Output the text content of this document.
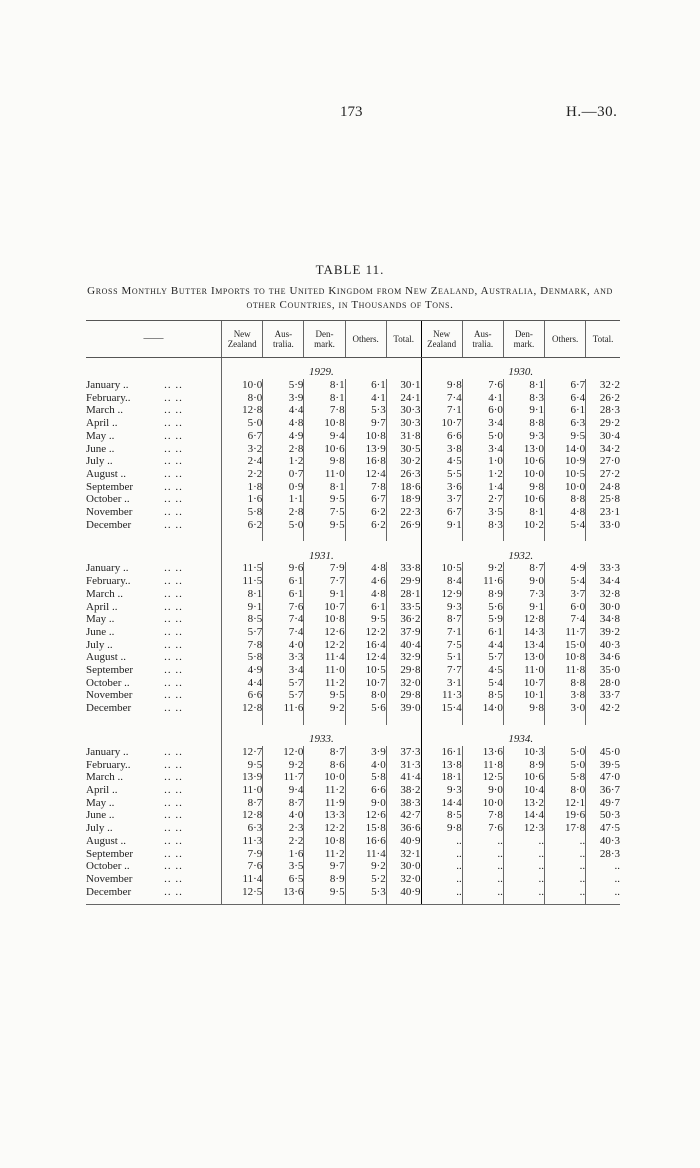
173	H.—30.
TABLE 11.
Gross Monthly Butter Imports to the United Kingdom from New Zealand, Australia, Denmark, and other Countries, in Thousands of Tons.
——		New Zealand	Aus- tralia.	Den- mark.	Others.	Total.	New Zealand	Aus- tralia.	Den- mark.	Others.	Total.
		1929.					1930.				
January ..	.. ..	10·0	5·9	8·1	6·1	30·1	9·8	7·6	8·1	6·7	32·2
February..	.. ..	8·0	3·9	8·1	4·1	24·1	7·4	4·1	8·3	6·4	26·2
March ..	.. ..	12·8	4·4	7·8	5·3	30·3	7·1	6·0	9·1	6·1	28·3
April ..	.. ..	5·0	4·8	10·8	9·7	30·3	10·7	3·4	8·8	6·3	29·2
May ..	.. ..	6·7	4·9	9·4	10·8	31·8	6·6	5·0	9·3	9·5	30·4
June ..	.. ..	3·2	2·8	10·6	13·9	30·5	3·8	3·4	13·0	14·0	34·2
July ..	.. ..	2·4	1·2	9·8	16·8	30·2	4·5	1·0	10·6	10·9	27·0
August ..	.. ..	2·2	0·7	11·0	12·4	26·3	5·5	1·2	10·0	10·5	27·2
September	.. ..	1·8	0·9	8·1	7·8	18·6	3·6	1·4	9·8	10·0	24·8
October ..	.. ..	1·6	1·1	9·5	6·7	18·9	3·7	2·7	10·6	8·8	25·8
November	.. ..	5·8	2·8	7·5	6·2	22·3	6·7	3·5	8·1	4·8	23·1
December	.. ..	6·2	5·0	9·5	6·2	26·9	9·1	8·3	10·2	5·4	33·0

		1931.					1932.				
January ..	.. ..	11·5	9·6	7·9	4·8	33·8	10·5	9·2	8·7	4·9	33·3
February..	.. ..	11·5	6·1	7·7	4·6	29·9	8·4	11·6	9·0	5·4	34·4
March ..	.. ..	8·1	6·1	9·1	4·8	28·1	12·9	8·9	7·3	3·7	32·8
April ..	.. ..	9·1	7·6	10·7	6·1	33·5	9·3	5·6	9·1	6·0	30·0
May ..	.. ..	8·5	7·4	10·8	9·5	36·2	8·7	5·9	12·8	7·4	34·8
June ..	.. ..	5·7	7·4	12·6	12·2	37·9	7·1	6·1	14·3	11·7	39·2
July ..	.. ..	7·8	4·0	12·2	16·4	40·4	7·5	4·4	13·4	15·0	40·3
August ..	.. ..	5·8	3·3	11·4	12·4	32·9	5·1	5·7	13·0	10·8	34·6
September	.. ..	4·9	3·4	11·0	10·5	29·8	7·7	4·5	11·0	11·8	35·0
October ..	.. ..	4·4	5·7	11·2	10·7	32·0	3·1	5·4	10·7	8·8	28·0
November	.. ..	6·6	5·7	9·5	8·0	29·8	11·3	8·5	10·1	3·8	33·7
December	.. ..	12·8	11·6	9·2	5·6	39·0	15·4	14·0	9·8	3·0	42·2

		1933.					1934.				
January ..	.. ..	12·7	12·0	8·7	3·9	37·3	16·1	13·6	10·3	5·0	45·0
February..	.. ..	9·5	9·2	8·6	4·0	31·3	13·8	11·8	8·9	5·0	39·5
March ..	.. ..	13·9	11·7	10·0	5·8	41·4	18·1	12·5	10·6	5·8	47·0
April ..	.. ..	11·0	9·4	11·2	6·6	38·2	9·3	9·0	10·4	8·0	36·7
May ..	.. ..	8·7	8·7	11·9	9·0	38·3	14·4	10·0	13·2	12·1	49·7
June ..	.. ..	12·8	4·0	13·3	12·6	42·7	8·5	7·8	14·4	19·6	50·3
July ..	.. ..	6·3	2·3	12·2	15·8	36·6	9·8	7·6	12·3	17·8	47·5
August ..	.. ..	11·3	2·2	10·8	16·6	40·9	..	..	..	..	40·3
September	.. ..	7·9	1·6	11·2	11·4	32·1	..	..	..	..	28·3
October ..	.. ..	7·6	3·5	9·7	9·2	30·0	..	..	..	..	..
November	.. ..	11·4	6·5	8·9	5·2	32·0	..	..	..	..	..
December	.. ..	12·5	13·6	9·5	5·3	40·9	..	..	..	..	..
